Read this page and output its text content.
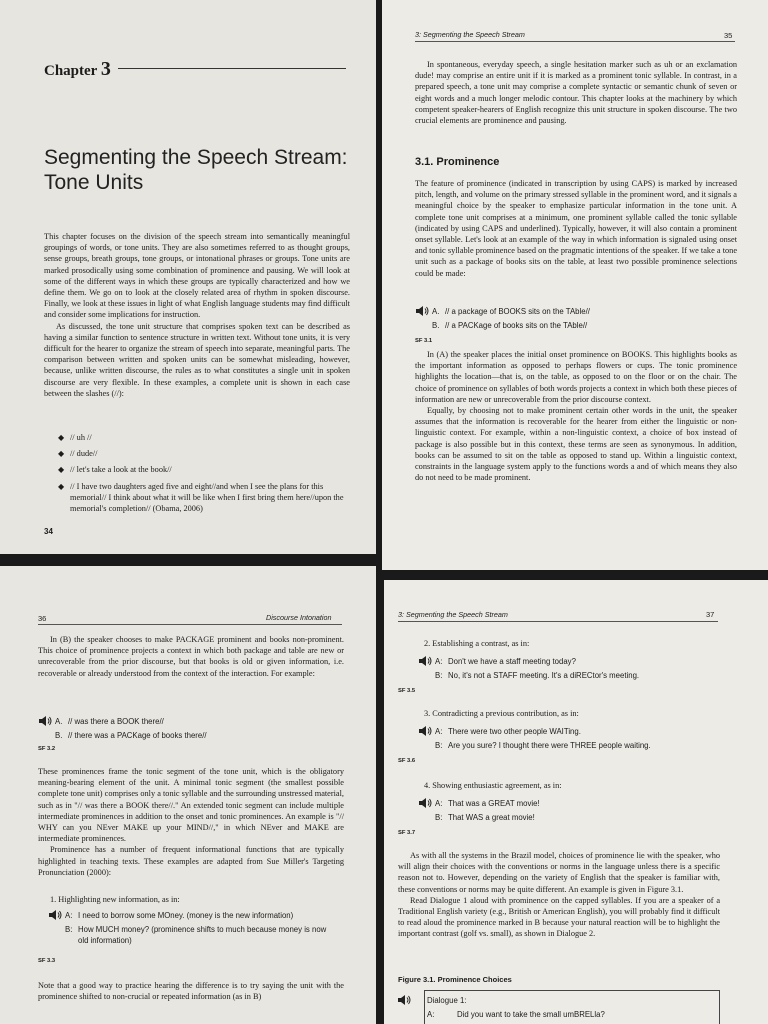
Chapter 3
Segmenting the Speech Stream:
Tone Units

This chapter focuses on the division of the speech stream into semantically meaningful groupings of words, or tone units. They are also sometimes referred to as thought groups, sense groups, breath groups, tone groups, or intonational phrases or groups. Tone units are marked prosodically using some combination of prominence and pausing. We will look at some of the different ways in which these groups are typically characterized and how we define them. We go on to look at the closely related area of rhythm in spoken discourse. Finally, we look at these issues in light of what English language students may find difficult and consider some implications for instruction.

As discussed, the tone unit structure that comprises spoken text can be described as having a similar function to sentence structure in written text. Without tone units, it is very difficult for the hearer to organize the stream of speech into separate, meaningful parts. The comparison between written and spoken units can be somewhat misleading, however, because, unlike written discourse, the rules as to what constitutes a single unit in spoken discourse are very flexible. In these examples, a complete unit is shown in each case between the slashes (//):

◆ // uh //
◆ // dude//
◆ // let's take a look at the book//
◆ // I have two daughters aged five and eight//and when I see the plans for this memorial// I think about what it will be like when I first bring them here//upon the memorial's completion// (Obama, 2006)
34
3: Segmenting the Speech Stream	35

In spontaneous, everyday speech, a single hesitation marker such as uh or an exclamation dude! may comprise an entire unit if it is marked as a prominent tonic syllable. In contrast, in a prepared speech, a tone unit may comprise a complete syntactic or semantic chunk of seven or eight words and a much longer melodic contour. This chapter looks at the machinery by which competent speaker-hearers of English recognize this unit structure in spoken discourse. The two crucial elements are prominence and pausing.

3.1. Prominence

The feature of prominence (indicated in transcription by using CAPS) is marked by increased pitch, length, and volume on the primary stressed syllable in the prominent word, and it signals a meaningful choice by the speaker to emphasize particular information in the tone unit. A complete tone unit comprises at a minimum, one prominent syllable called the tonic syllable (indicated by using CAPS and underlined). Typically, however, it will also contain a prominent onset syllable. Let's look at an example of the way in which information is signaled using onset and tonic syllable prominence based on the pragmatic intentions of the speaker. If we take a tone unit such as a package of books sits on the table, at least two possible prominence selections could be made:

A. // a package of BOOKS sits on the TAble//
B. // a PACKage of books sits on the TAble//
SF 3.1

In (A) the speaker places the initial onset prominence on BOOKS. This highlights books as the important information as opposed to perhaps flowers or cups. The tonic prominence highlights the location—that is, on the table, as opposed to on the floor or on the chair. The choice of prominence on syllables of both words projects a context in which both these pieces of information are new or unrecoverable from the prior discourse context.

Equally, by choosing not to make prominent certain other words in the unit, the speaker assumes that the information is recoverable for the hearer from either the linguistic or non-linguistic context. For example, within a non-linguistic context, a choice of box instead of package is also possible but in this context, these terms are seen as synonymous. In addition, books can be assumed to sit on the table as opposed to stand up. Within a linguistic context, constraints in the language system apply to the functions words a and of which means they also do not need to be made prominent.

36	Discourse Intonation

In (B) the speaker chooses to make PACKAGE prominent and books non-prominent. This choice of prominence projects a context in which both package and table are new or unrecoverable from the prior discourse, but that books is old or given information, i.e. recoverable or already understood from the context of the interaction. For example:

A. // was there a BOOK there//
B. // there was a PACKage of books there//
SF 3.2

These prominences frame the tonic segment of the tone unit, which is the obligatory meaning-bearing element of the unit. A minimal tonic segment (the smallest possible complete tone unit) comprises only a tonic syllable and the surrounding unstressed material, such as in "// was there a BOOK there//." An extended tonic segment can include multiple intermediate prominences in addition to the onset and tonic prominences. An example is "// WHY can you NEver MAKE up your MIND//," in which NEver and MAKE are intermediate prominences.

Prominence has a number of frequent informational functions that are typically highlighted in teaching texts. These examples are adapted from Sue Miller's Targeting Pronunciation (2000):

1. Highlighting new information, as in:
A: I need to borrow some MOney. (money is the new information)
B: How MUCH money? (prominence shifts to much because money is now old information)
SF 3.3

Note that a good way to practice hearing the difference is to try saying the unit with the prominence shifted to non-crucial or repeated information (as in B)

3: Segmenting the Speech Stream	37
2. Establishing a contrast, as in:
A: Don't we have a staff meeting today?
B: No, it's not a STAFF meeting. It's a diRECtor's meeting.
SF 3.5
3. Contradicting a previous contribution, as in:
A: There were two other people WAITing.
B: Are you sure? I thought there were THREE people waiting.
SF 3.6
4. Showing enthusiastic agreement, as in:
A: That was a GREAT movie!
B: That WAS a great movie!
SF 3.7

As with all the systems in the Brazil model, choices of prominence lie with the speaker, who will align their choices with the conventions or norms in the language unless there is a specific reason not to. However, depending on the variety of English that the speaker is familiar with, these conventions or norms may be quite different. An example is given in Figure 3.1.

Read Dialogue 1 aloud with prominence on the capped syllables. If you are a speaker of a Traditional English variety (e.g., British or American English), you will probably find it difficult to read aloud the prominence marked in B because your natural reaction will be to highlight the important contrast (golf vs. small), as shown in Dialogue 2.

Figure 3.1. Prominence Choices
Dialogue 1:
A:	Did you want to take the small umBRELla?
